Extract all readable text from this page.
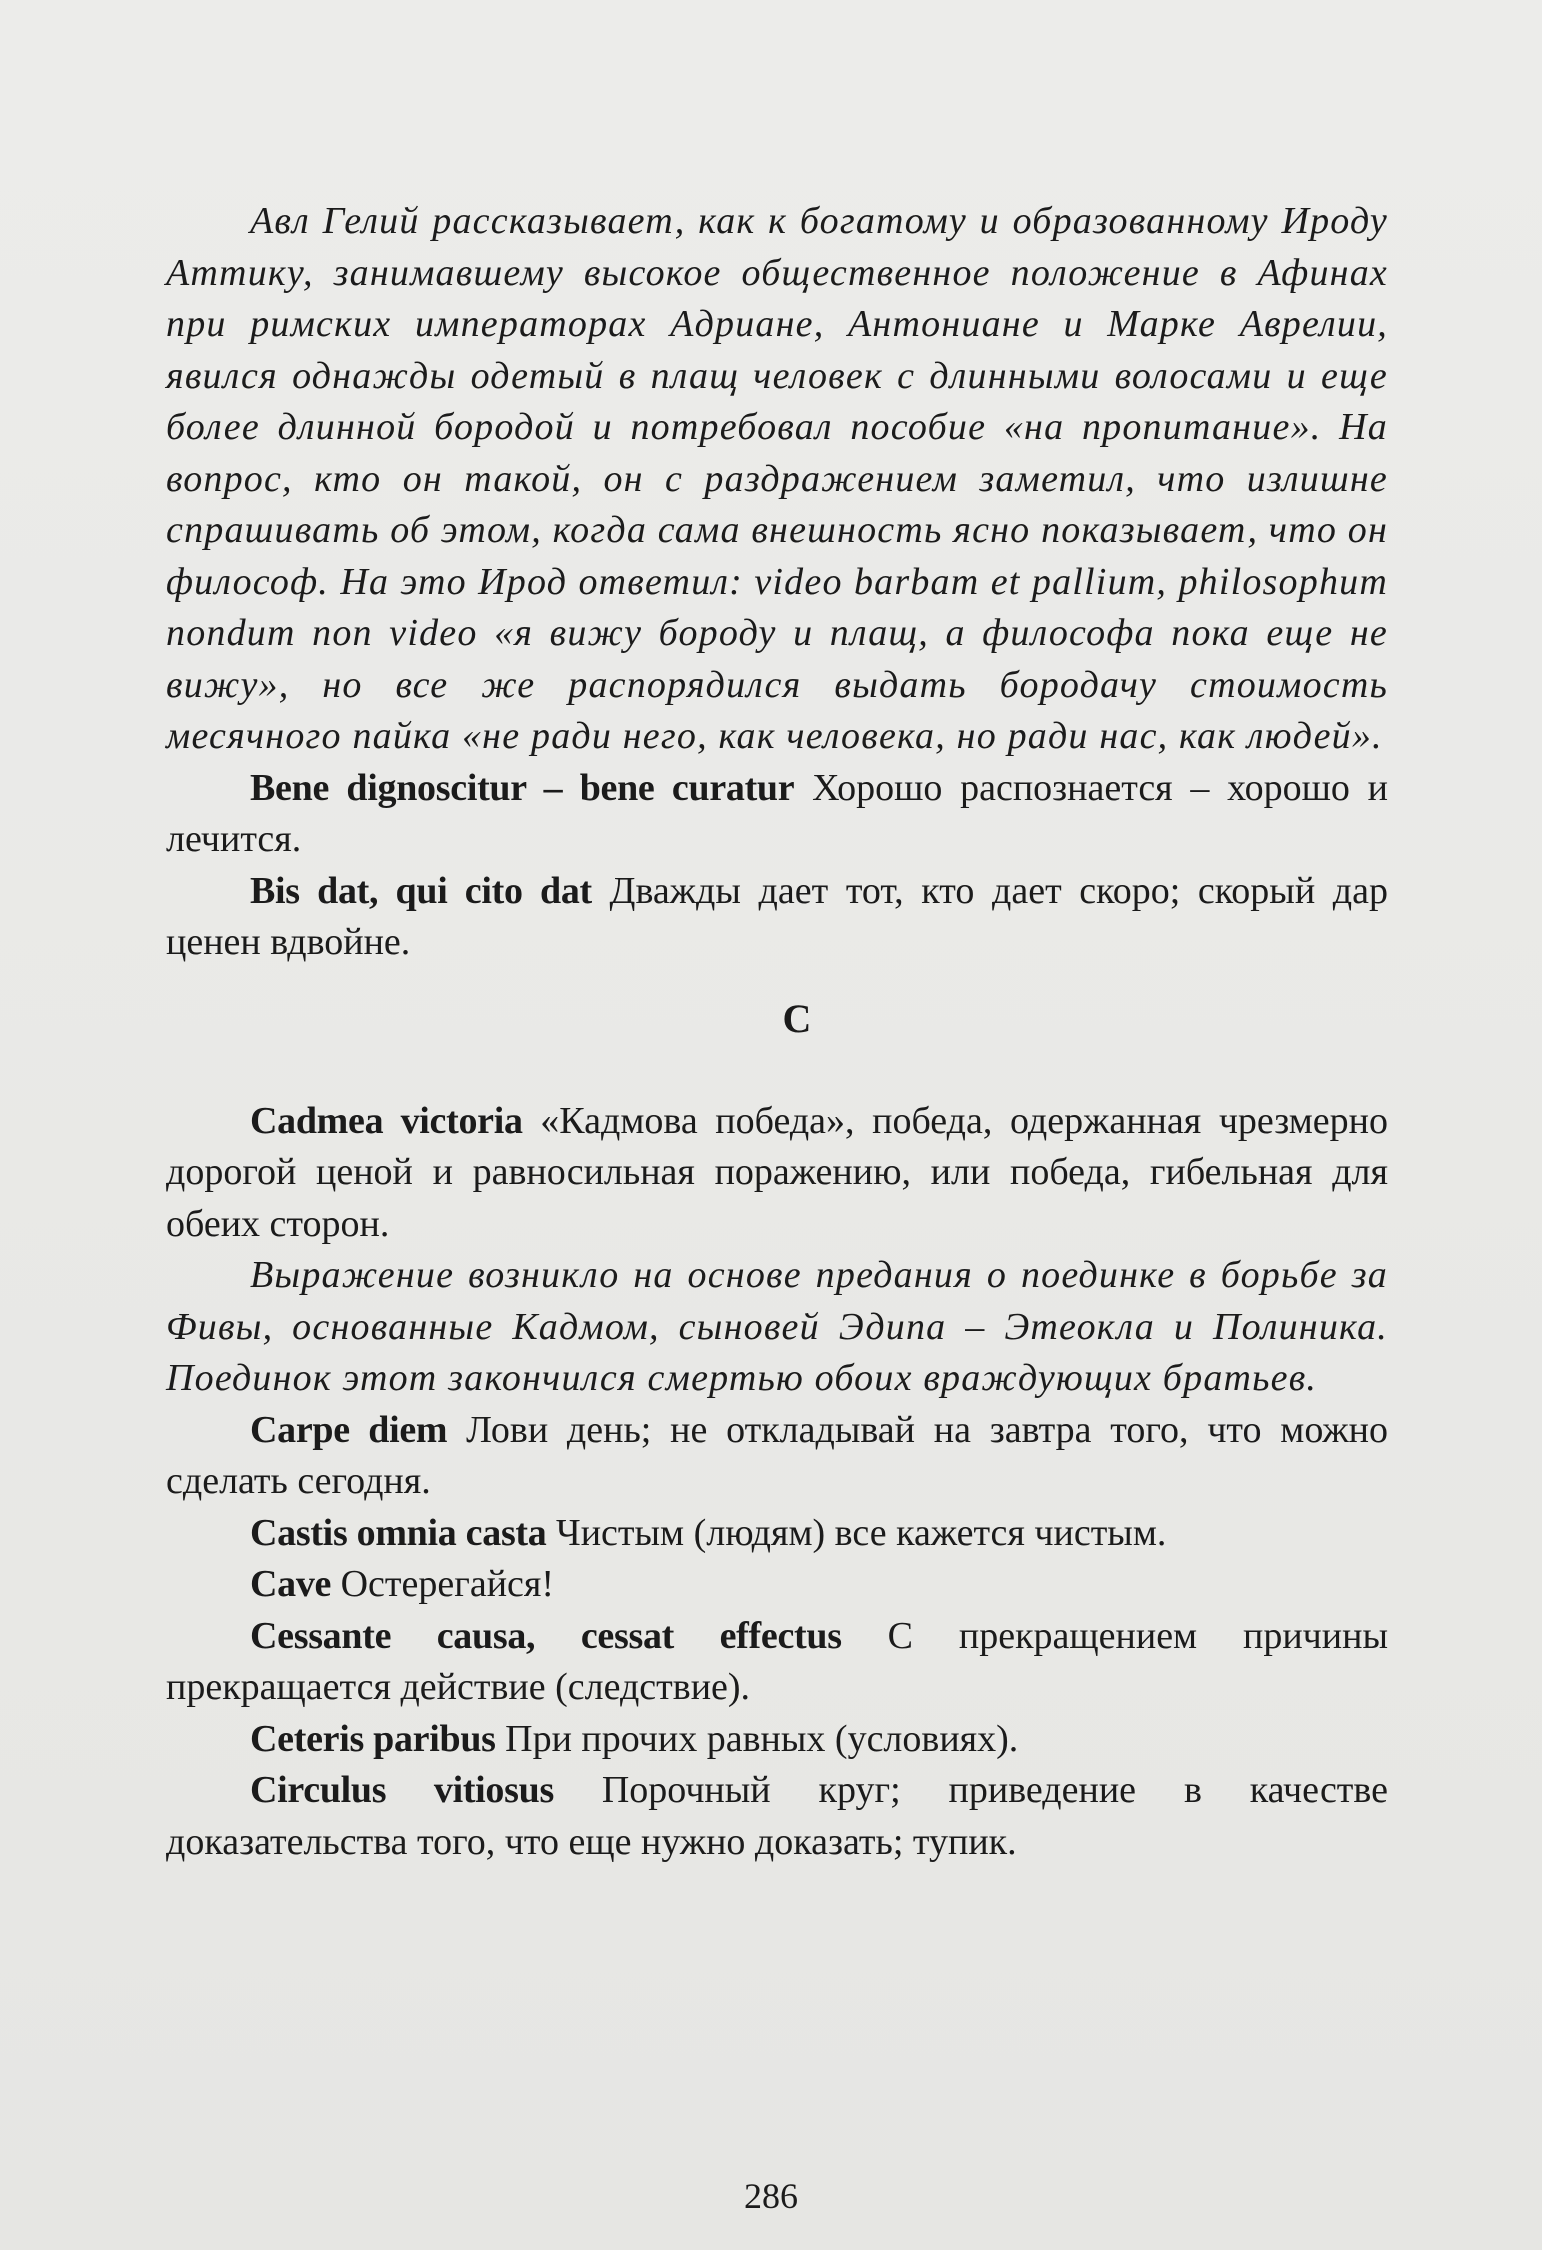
Авл Гелий рассказывает, как к богатому и образованному Ироду Аттику, занимавшему высокое общественное положение в Афинах при римских императорах Адриане, Антониане и Марке Аврелии, явился однажды одетый в плащ человек с длинными волосами и еще более длинной бородой и потребовал пособие «на пропитание». На вопрос, кто он такой, он с раздражением заметил, что излишне спрашивать об этом, когда сама внешность ясно показывает, что он философ. На это Ирод ответил: video barbam et pallium, philosophum nondum non video «я вижу бороду и плащ, а философа пока еще не вижу», но все же распорядился выдать бородачу стоимость месячного пайка «не ради него, как человека, но ради нас, как людей».

Bene dignoscitur – bene curatur Хорошо распознается – хорошо и лечится.

Bis dat, qui cito dat Дважды дает тот, кто дает скоро; скорый дар ценен вдвойне.

C

Cadmea victoria «Кадмова победа», победа, одержанная чрезмерно дорогой ценой и равносильная поражению, или победа, гибельная для обеих сторон.

Выражение возникло на основе предания о поединке в борьбе за Фивы, основанные Кадмом, сыновей Эдипа – Этеокла и Полиника. Поединок этот закончился смертью обоих враждующих братьев.

Carpe diem Лови день; не откладывай на завтра того, что можно сделать сегодня.

Castis omnia casta Чистым (людям) все кажется чистым.

Cave Остерегайся!

Cessante causa, cessat effectus С прекращением причины прекращается действие (следствие).

Ceteris paribus При прочих равных (условиях).

Circulus vitiosus Порочный круг; приведение в качестве доказательства того, что еще нужно доказать; тупик.

286
